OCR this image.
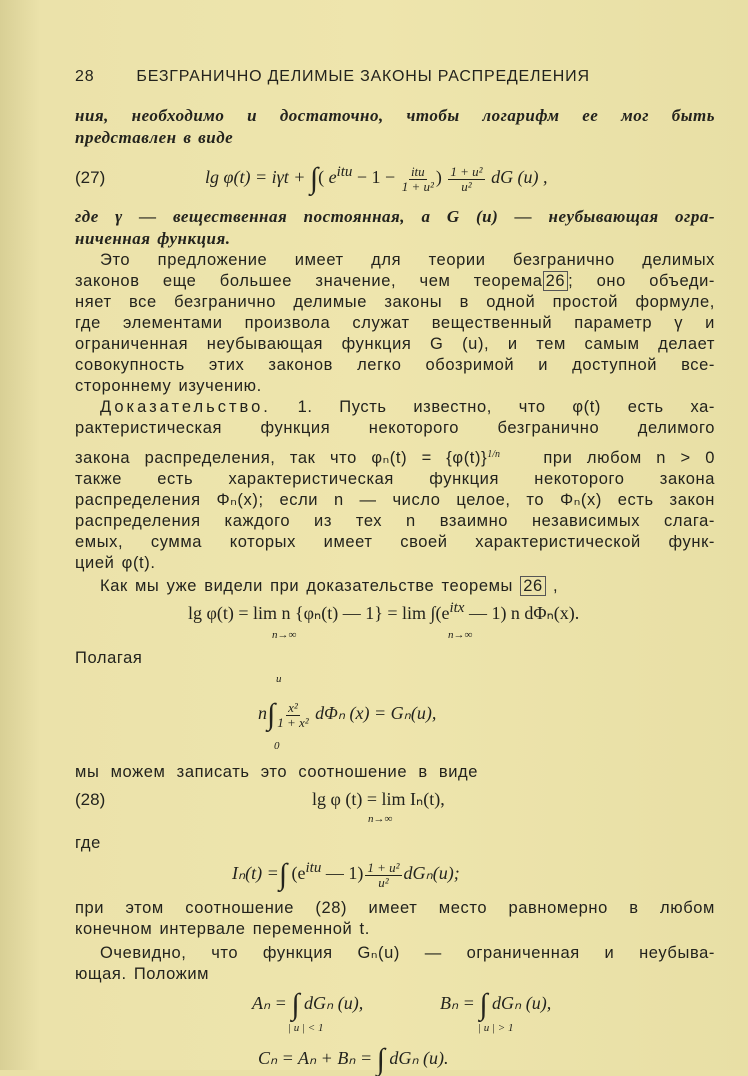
28	БЕЗГРАНИЧНО ДЕЛИМЫЕ ЗАКОНЫ РАСПРЕДЕЛЕНИЯ
ния, необходимо и достаточно, чтобы логарифм ее мог быть
представлен в виде
(27)	lg φ(t) = iγt + ∫( $e^{itu} - 1 - \frac{\text{itu}}{\text{1 + u²}}$ ) $\frac{\text{1 + u²}}{\text{u²}}$ dG (u) ,
где γ — вещественная постоянная, а G (u) — неубывающая огра-
ниченная функция.
Это предложение имеет для теории безгранично делимых
законов еще большее значение, чем теорема 26 ; оно объеди-
няет все безгранично делимые законы в одной простой формуле,
где элементами произвола служат вещественный параметр γ и
ограниченная неубывающая функция G (u), и тем самым делает
совокупность этих законов легко обозримой и доступной все-
стороннему изучению.
Доказательство. 1. Пусть известно, что φ(t) есть ха-
рактеристическая функция некоторого безгранично делимого
закона распределения, так что $\varphi_n(t) = \{\varphi(t)\}^{1/n}$	при любом n > 0
также есть характеристическая функция некоторого закона
распределения Φₙ(x); если n — число целое, то Φₙ(x) есть закон
распределения каждого из тех n взаимно независимых слага-
емых, сумма которых имеет своей характеристической функ-
цией φ(t).
Как мы уже видели при доказательстве теоремы 26 ,
lg φ(t) = lim n {φₙ(t) — $1\} = \lim \int(e^{itx}$ — 1) n dΦₙ(x).
n→∞	n→∞
Полагая
u
$n\int \frac{\text{x²}}{\text{1 + x²}}$ dΦₙ (x) = Gₙ(u),
0
мы можем записать это соотношение в виде
(28)	lg φ (t) = lim Iₙ(t),
n→∞
где
Iₙ(t) =∫ ($e^{itu}$ — $1) \frac{\text{1 + u²}}{\text{u²}} dG_n(u)$;
при этом соотношение (28) имеет место равномерно в любом
конечном интервале переменной t.
Очевидно, что функция Gₙ(u) — ограниченная и неубыва-
ющая. Положим
Aₙ = ∫ dGₙ (u),	Bₙ = ∫ dGₙ (u),
| u | < 1	| u | > 1
Cₙ = Aₙ + Bₙ = ∫ dGₙ (u).
